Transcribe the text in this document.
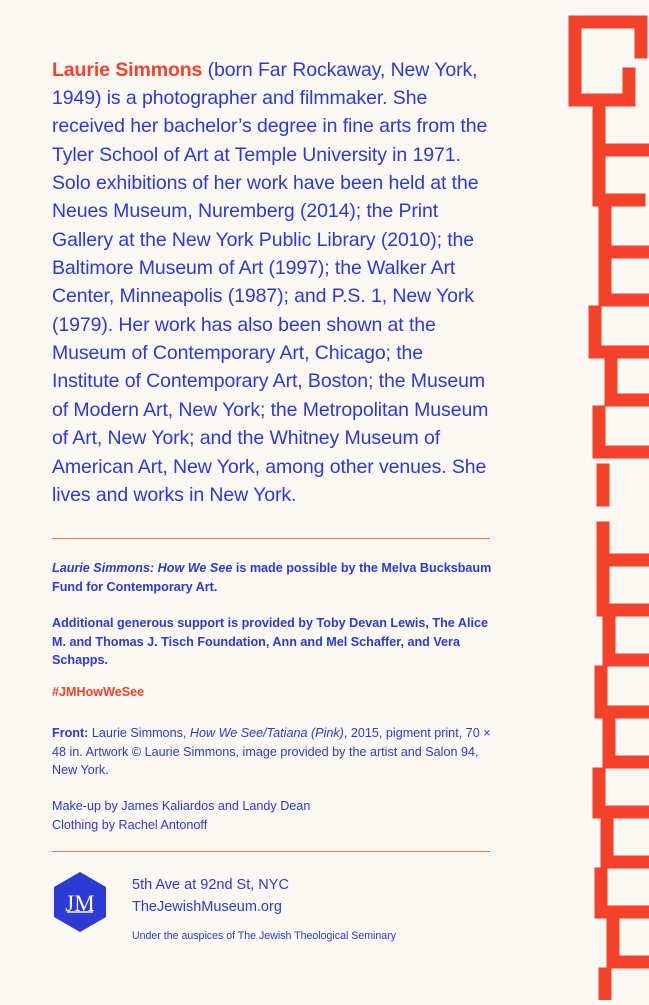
Laurie Simmons (born Far Rockaway, New York, 1949) is a photographer and filmmaker. She received her bachelor’s degree in fine arts from the Tyler School of Art at Temple University in 1971. Solo exhibitions of her work have been held at the Neues Museum, Nuremberg (2014); the Print Gallery at the New York Public Library (2010); the Baltimore Museum of Art (1997); the Walker Art Center, Minneapolis (1987); and P.S. 1, New York (1979). Her work has also been shown at the Museum of Contemporary Art, Chicago; the Institute of Contemporary Art, Boston; the Museum of Modern Art, New York; the Metropolitan Museum of Art, New York; and the Whitney Museum of American Art, New York, among other venues. She lives and works in New York.

Laurie Simmons: How We See is made possible by the Melva Bucksbaum Fund for Contemporary Art.
Additional generous support is provided by Toby Devan Lewis, The Alice M. and Thomas J. Tisch Foundation, Ann and Mel Schaffer, and Vera Schapps.
#JMHowWeSee
Front: Laurie Simmons, How We See/Tatiana (Pink), 2015, pigment print, 70 × 48 in. Artwork © Laurie Simmons, image provided by the artist and Salon 94, New York.
Make-up by James Kaliardos and Landy Dean
Clothing by Rachel Antonoff
JM
5th Ave at 92nd St, NYC
TheJewishMuseum.org
Under the auspices of The Jewish Theological Seminary
